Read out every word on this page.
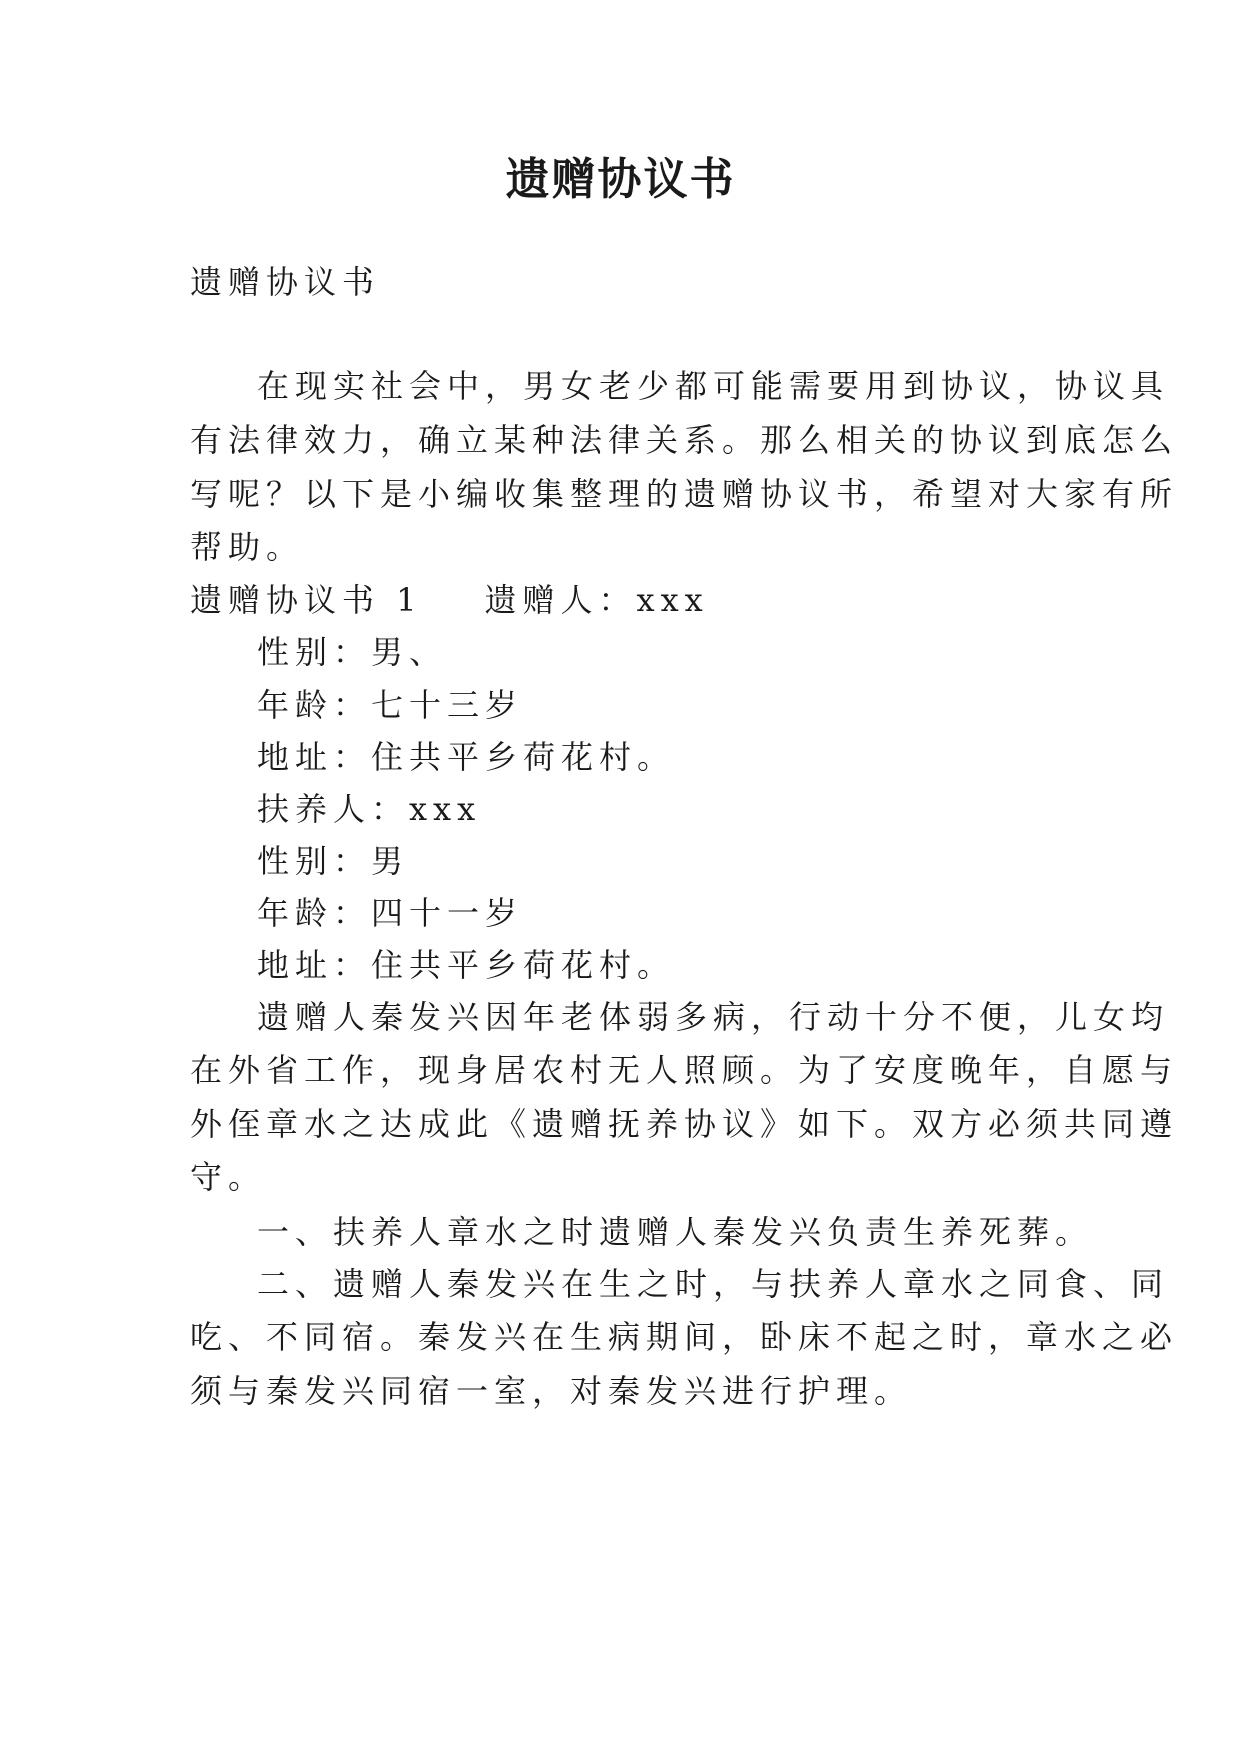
遗赠协议书

遗赠协议书

在现实社会中，男女老少都可能需要用到协议，协议具

有法律效力，确立某种法律关系。那么相关的协议到底怎么

写呢？以下是小编收集整理的遗赠协议书，希望对大家有所

帮助。

遗赠协议书 1 遗赠人：xxx

性别：男、

年龄：七十三岁

地址：住共平乡荷花村。

扶养人：xxx

性别：男

年龄：四十一岁

地址：住共平乡荷花村。

遗赠人秦发兴因年老体弱多病，行动十分不便，儿女均

在外省工作，现身居农村无人照顾。为了安度晚年，自愿与

外侄章水之达成此《遗赠抚养协议》如下。双方必须共同遵

守。

一、扶养人章水之时遗赠人秦发兴负责生养死葬。

二、遗赠人秦发兴在生之时，与扶养人章水之同食、同

吃、不同宿。秦发兴在生病期间，卧床不起之时，章水之必

须与秦发兴同宿一室，对秦发兴进行护理。
